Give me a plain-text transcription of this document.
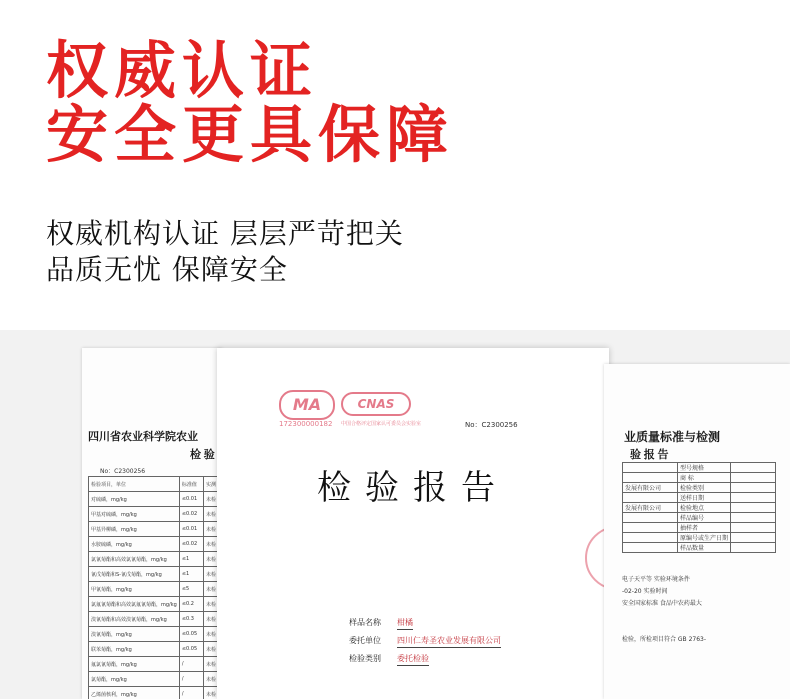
权威认证
安全更具保障
权威机构认证 层层严苛把关
品质无忧 保障安全
四川省农业科学院农业
检 验
No：C2300256
检验项目，单位	标准值	实测
对硫磷，mg/kg	≤0.01	未检
甲基对硫磷，mg/kg	≤0.02	未检
甲基异柳磷，mg/kg	≤0.01	未检
水胺硫磷，mg/kg	≤0.02	未检
氯氰菊酯和高效氯氰菊酯，mg/kg	≤1	未检
氰戊菊酯和S-氰戊菊酯，mg/kg	≤1	未检
甲氰菊酯，mg/kg	≤5	未检
氯氟氰菊酯和高效氯氟氰菊酯，mg/kg	≤0.2	未检
溴氰菊酯和高效溴氰菊酯，mg/kg	≤0.3	未检
溴氰菊酯，mg/kg	≤0.05	未检
联苯菊酯，mg/kg	≤0.05	未检
氟氯氰菊酯，mg/kg	/	未检
氯菊酯，mg/kg	/	未检
乙烯菌核利，mg/kg	/	未检
MA	CNAS
172300000182 中国合格评定国家认可委员会实验室	No：C2300256
检验报告
样品名称 柑橘
委托单位 四川仁寿圣农业发展有限公司
检验类别 委托检验
业质量标准与检测
验 报 告
	型号规格	
	商 标	
发展有限公司	检验类别	
	送样日期	
发展有限公司	检验地点	
	样品编号	
	抽样者	
	原编号或生产日期	
	样品数量	
电子天平等 实验环境条件
-02-20 实验时间
安全国家标准 食品中农药最大
检验，所检项目符合 GB 2763-
